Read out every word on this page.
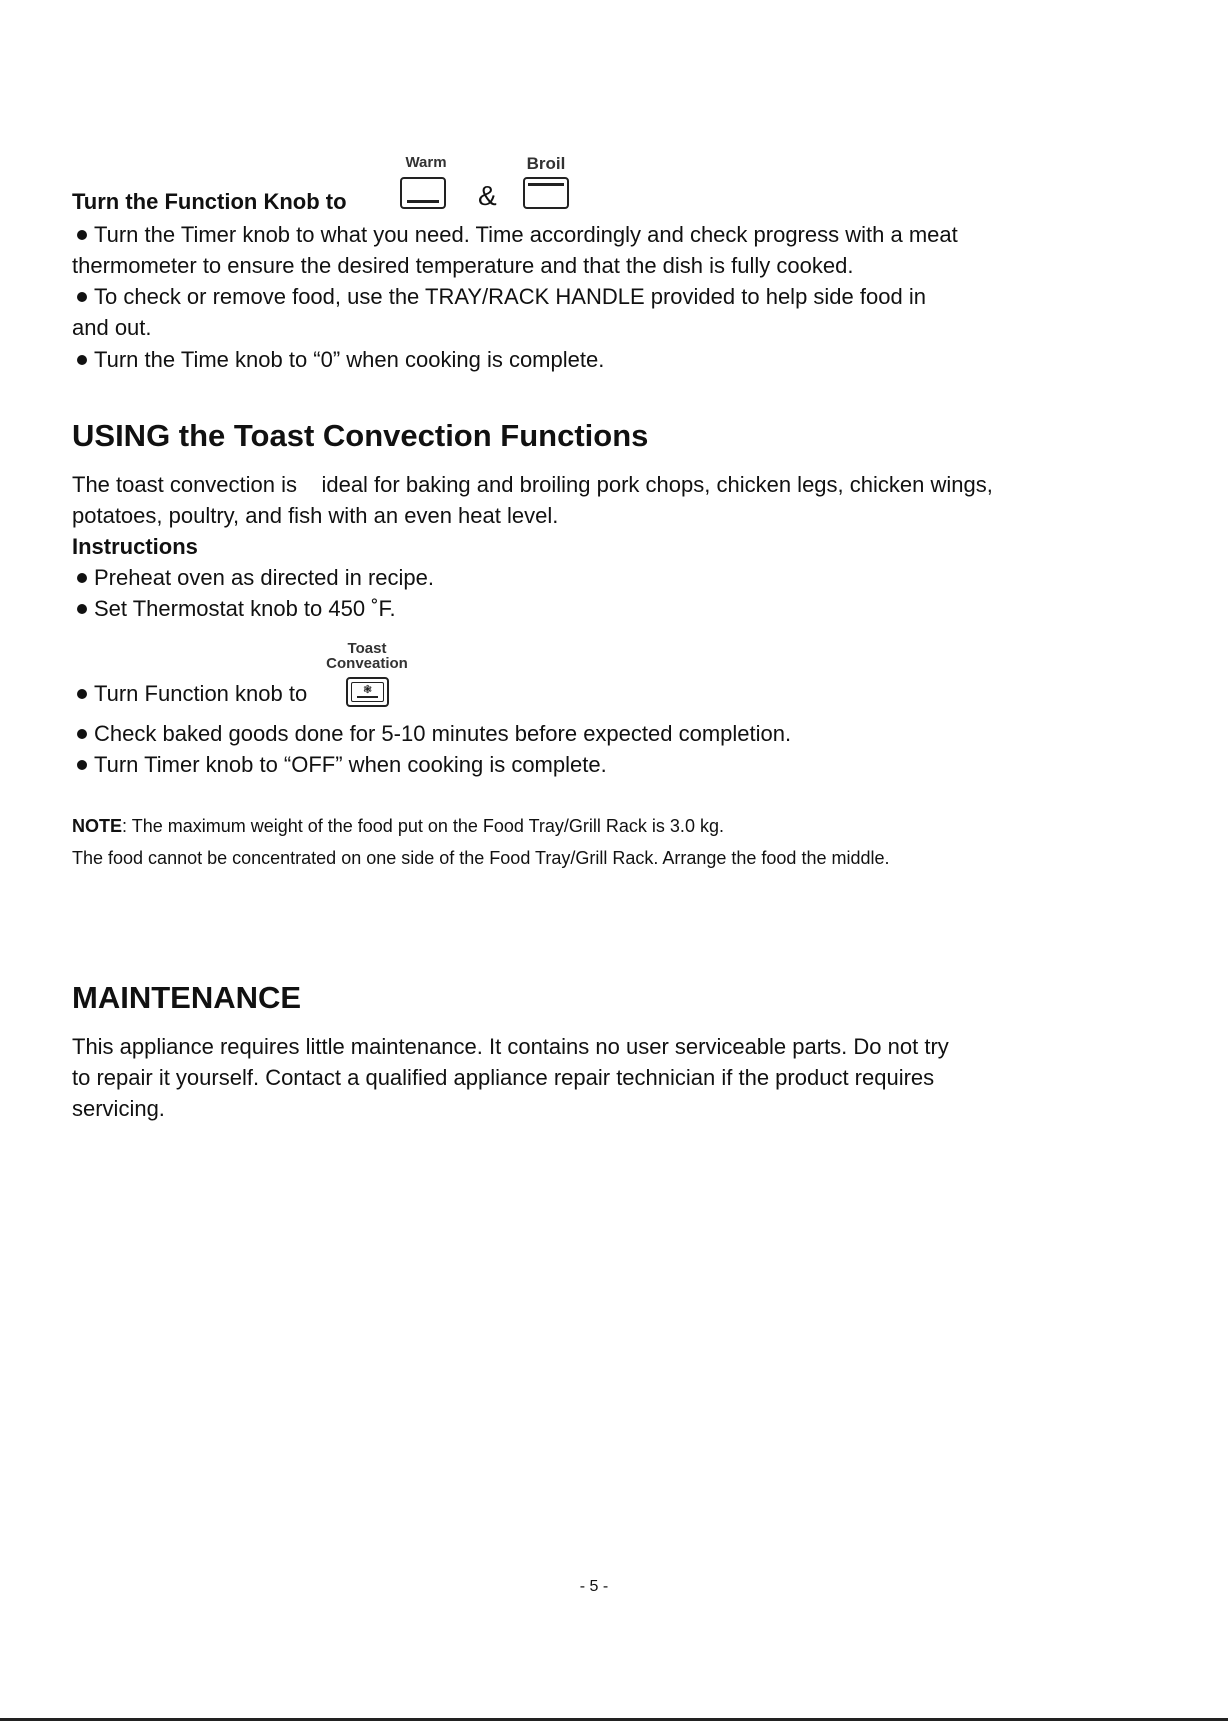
Warm	Broil
Turn the Function Knob to	&
Turn the Timer knob to what you need. Time accordingly and check progress with a meat
thermometer to ensure the desired temperature and that the dish is fully cooked.
To check or remove food, use the TRAY/RACK HANDLE provided to help side food in
and out.
Turn the Time knob to “0” when cooking is complete.
USING the Toast Convection Functions
The toast convection is    ideal for baking and broiling pork chops, chicken legs, chicken wings,
potatoes, poultry, and fish with an even heat level.
Instructions
Preheat oven as directed in recipe.
Set Thermostat knob to 450 ˚F.
Toast
Conveation
Turn Function knob to	❃
Check baked goods done for 5-10 minutes before expected completion.
Turn Timer knob to “OFF” when cooking is complete.
NOTE: The maximum weight of the food put on the Food Tray/Grill Rack is 3.0 kg.
The food cannot be concentrated on one side of the Food Tray/Grill Rack. Arrange the food the middle.
MAINTENANCE
This appliance requires little maintenance. It contains no user serviceable parts. Do not try
to repair it yourself. Contact a qualified appliance repair technician if the product requires
servicing.
- 5 -
